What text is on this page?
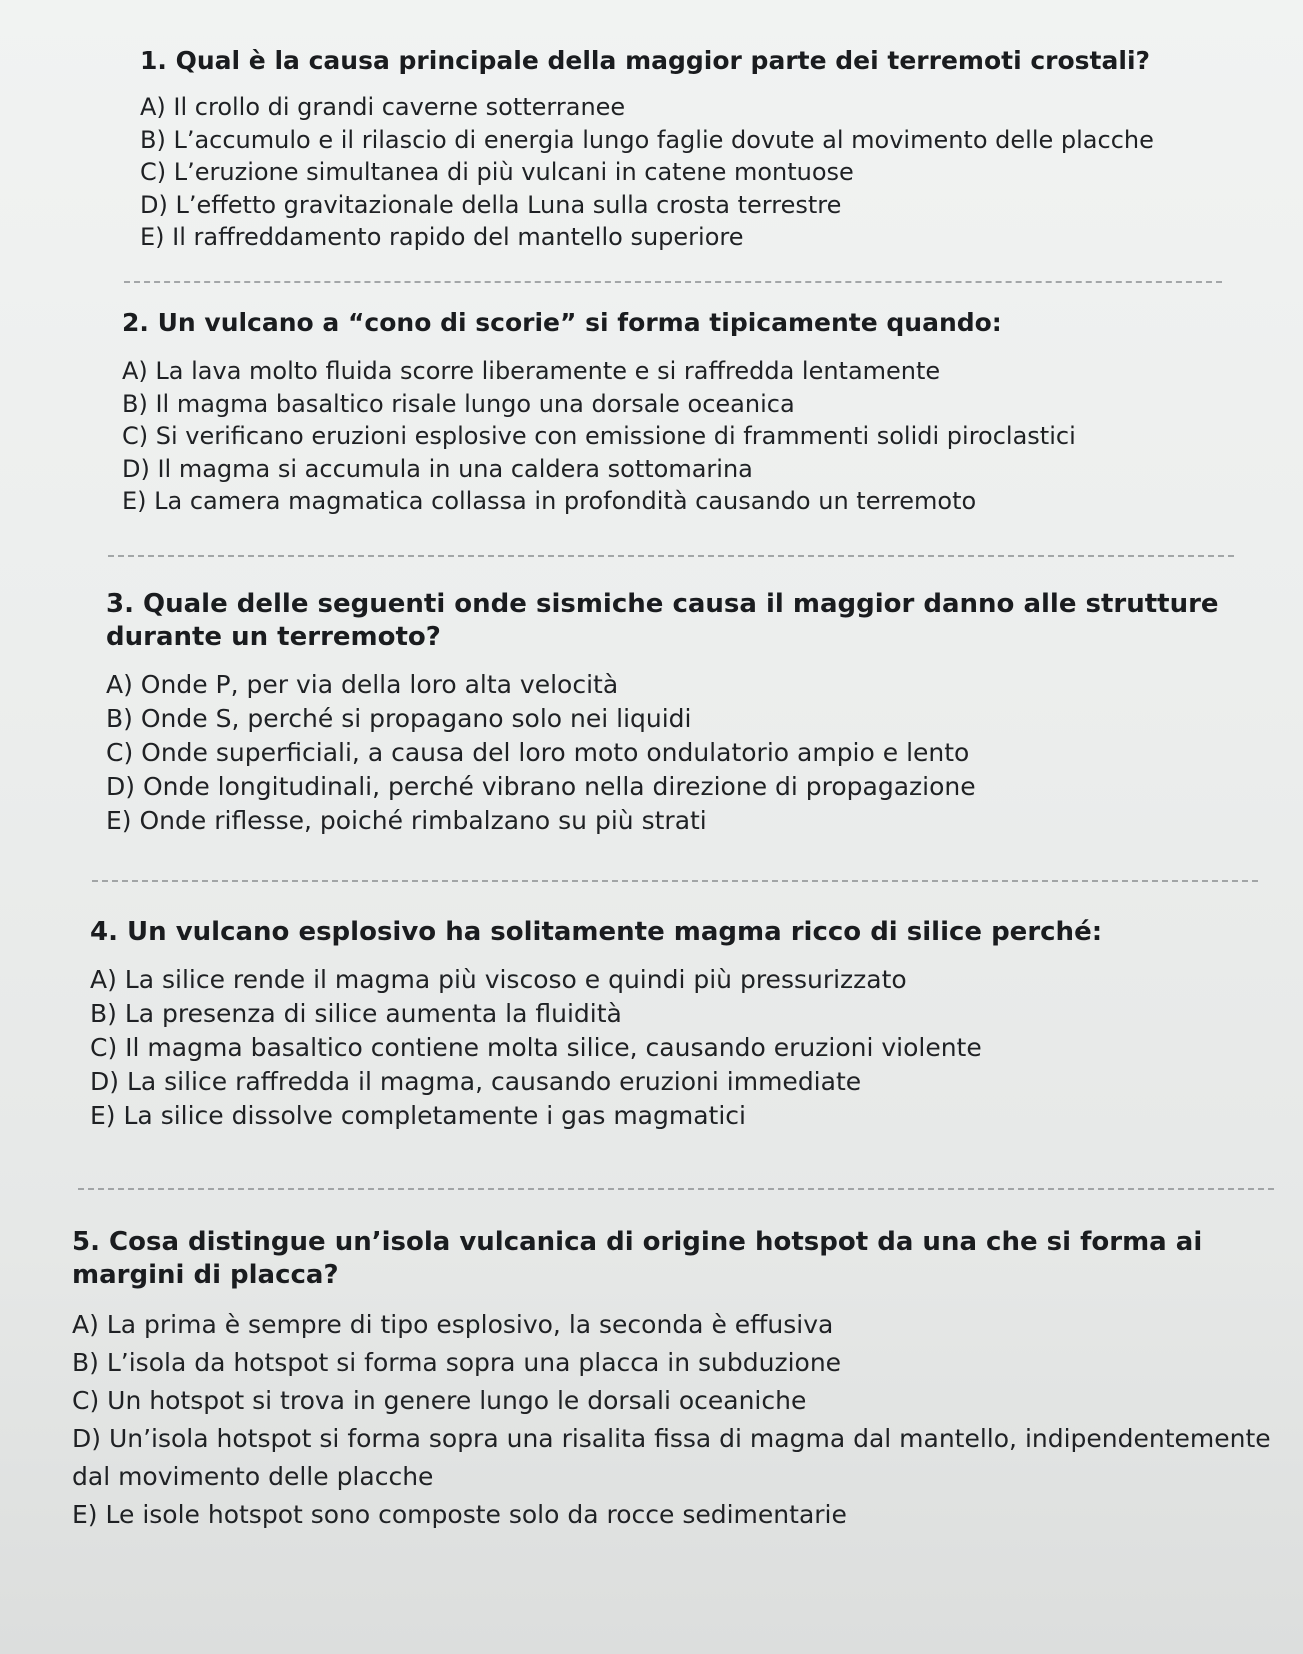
1. Qual è la causa principale della maggior parte dei terremoti crostali?
A) Il crollo di grandi caverne sotterranee
B) L’accumulo e il rilascio di energia lungo faglie dovute al movimento delle placche
C) L’eruzione simultanea di più vulcani in catene montuose
D) L’effetto gravitazionale della Luna sulla crosta terrestre
E) Il raffreddamento rapido del mantello superiore
2. Un vulcano a “cono di scorie” si forma tipicamente quando:
A) La lava molto fluida scorre liberamente e si raffredda lentamente
B) Il magma basaltico risale lungo una dorsale oceanica
C) Si verificano eruzioni esplosive con emissione di frammenti solidi piroclastici
D) Il magma si accumula in una caldera sottomarina
E) La camera magmatica collassa in profondità causando un terremoto
3. Quale delle seguenti onde sismiche causa il maggior danno alle strutture durante un terremoto?
A) Onde P, per via della loro alta velocità
B) Onde S, perché si propagano solo nei liquidi
C) Onde superficiali, a causa del loro moto ondulatorio ampio e lento
D) Onde longitudinali, perché vibrano nella direzione di propagazione
E) Onde riflesse, poiché rimbalzano su più strati
4. Un vulcano esplosivo ha solitamente magma ricco di silice perché:
A) La silice rende il magma più viscoso e quindi più pressurizzato
B) La presenza di silice aumenta la fluidità
C) Il magma basaltico contiene molta silice, causando eruzioni violente
D) La silice raffredda il magma, causando eruzioni immediate
E) La silice dissolve completamente i gas magmatici
5. Cosa distingue un’isola vulcanica di origine hotspot da una che si forma ai margini di placca?
A) La prima è sempre di tipo esplosivo, la seconda è effusiva
B) L’isola da hotspot si forma sopra una placca in subduzione
C) Un hotspot si trova in genere lungo le dorsali oceaniche
D) Un’isola hotspot si forma sopra una risalita fissa di magma dal mantello, indipendentemente dal movimento delle placche
E) Le isole hotspot sono composte solo da rocce sedimentarie
